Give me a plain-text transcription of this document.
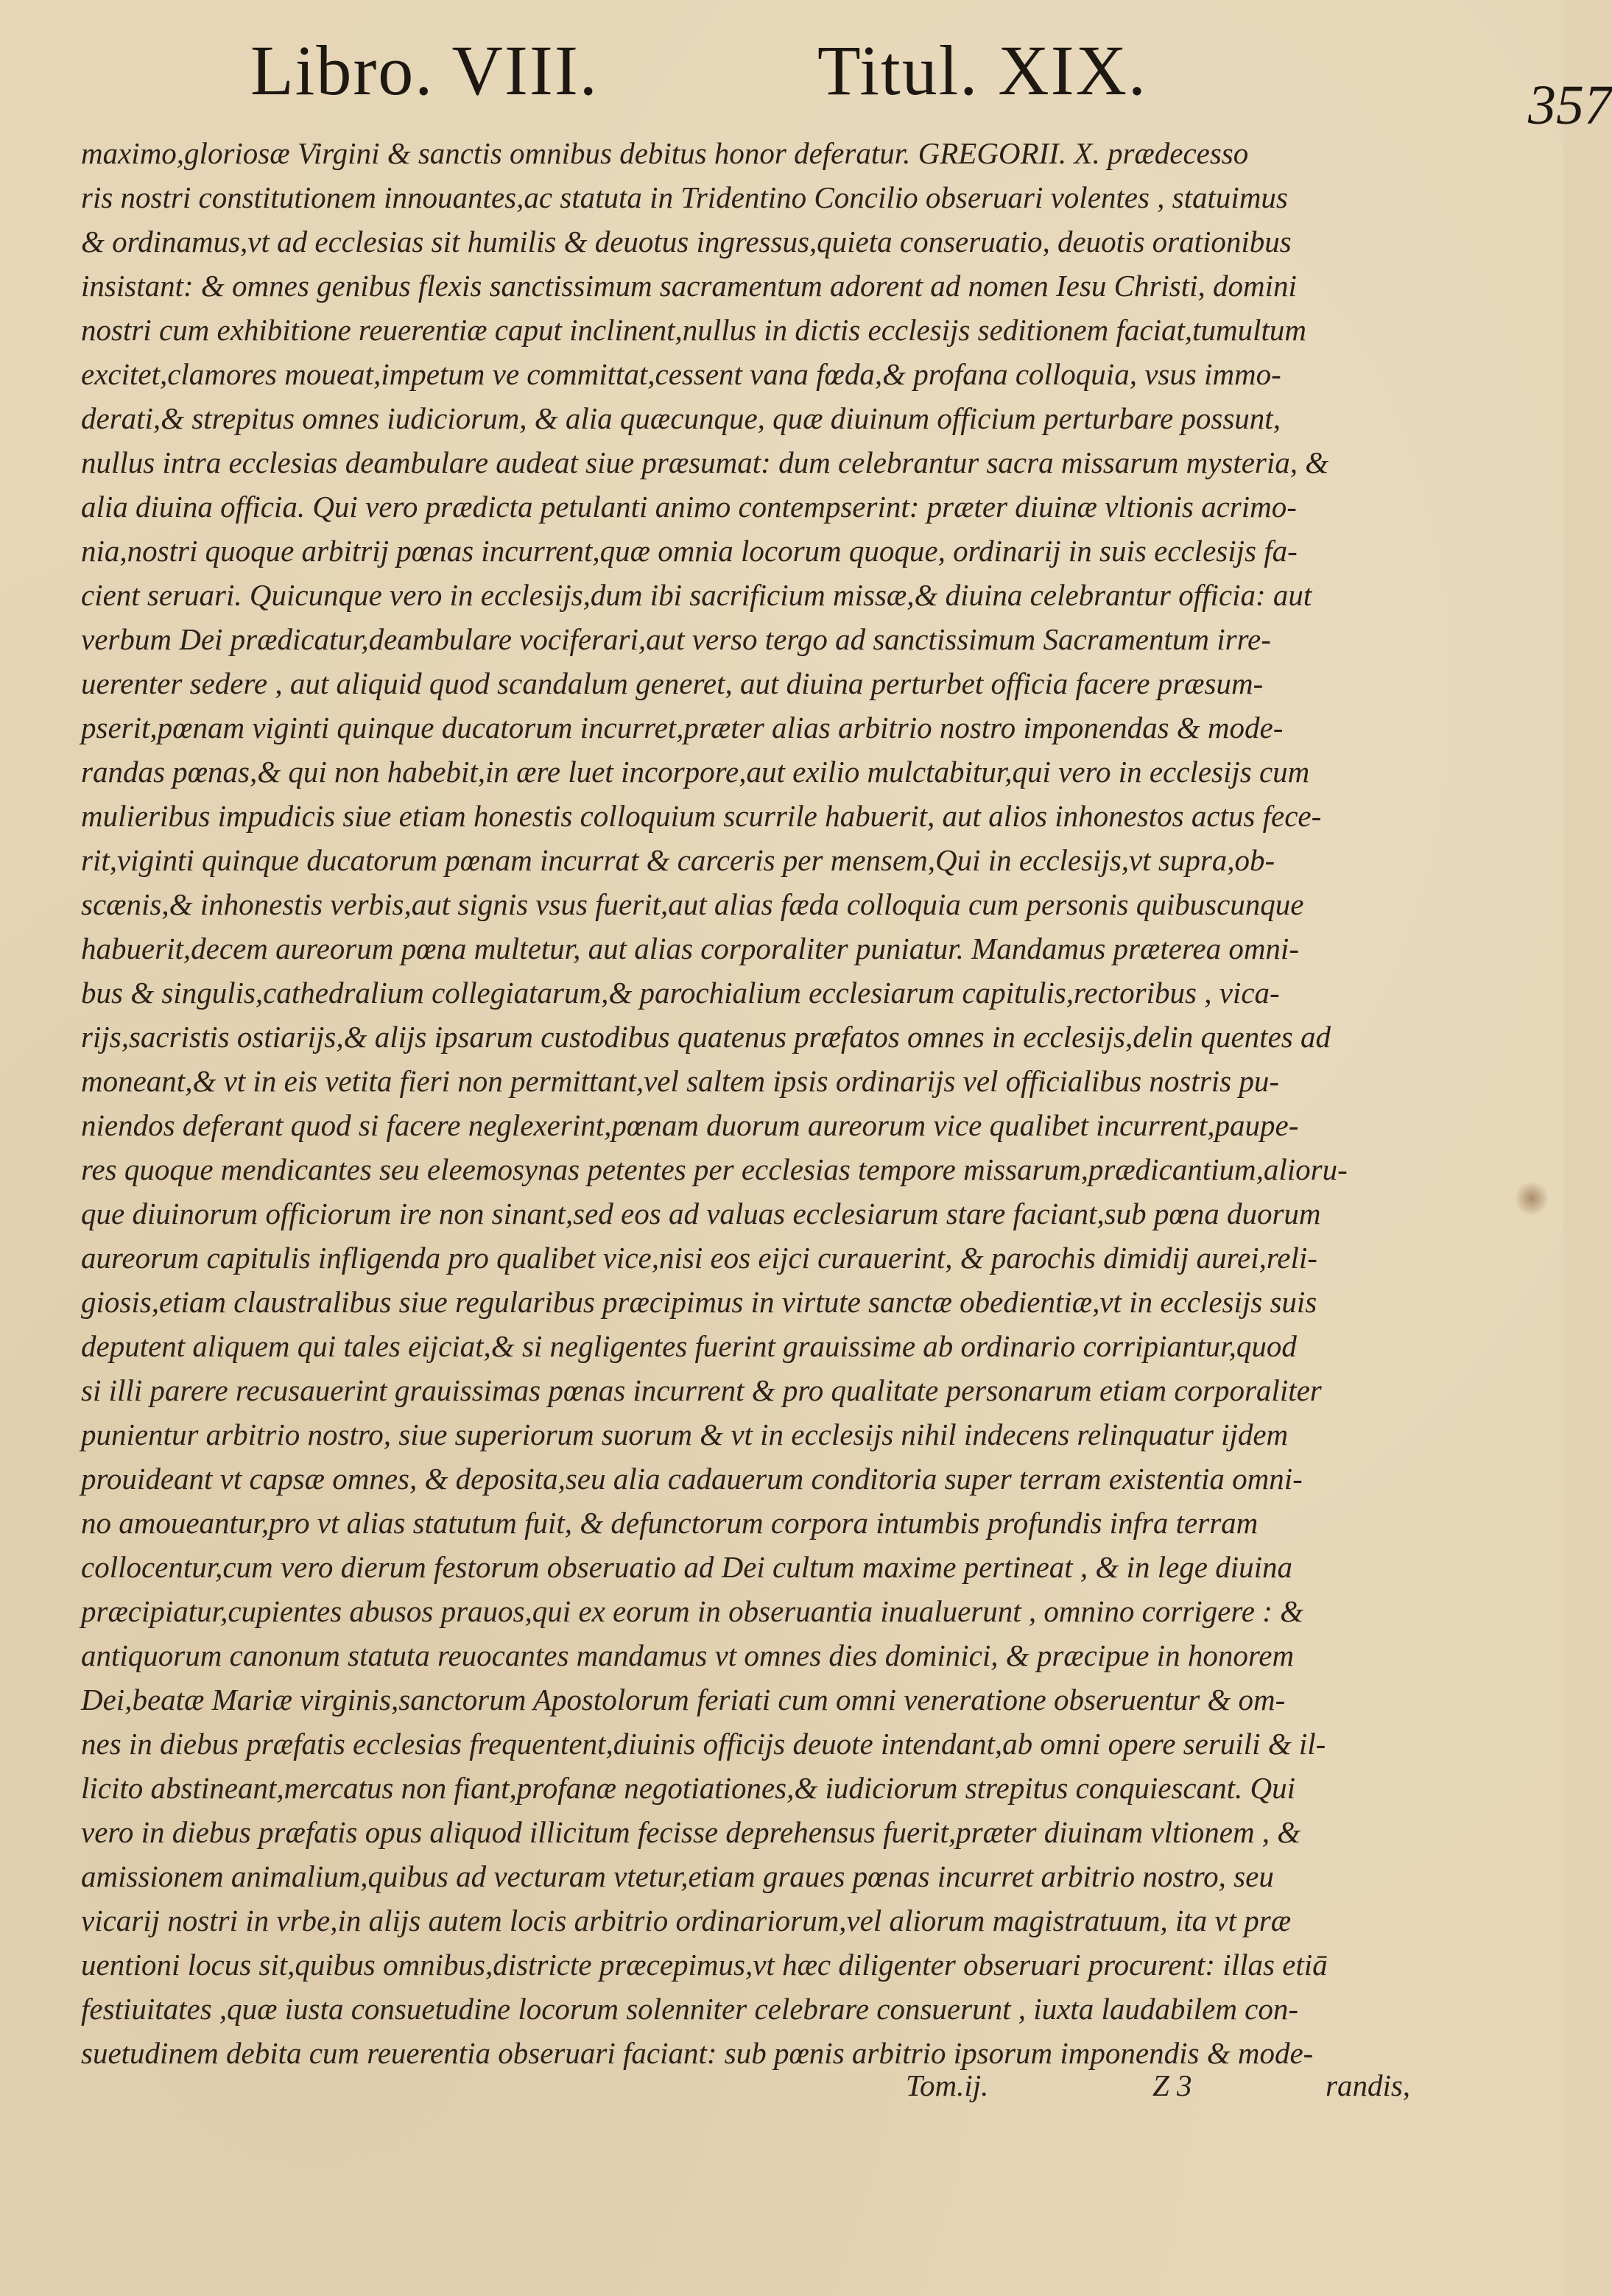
Libro. VIII.	Titul. XIX.	357
maximo,gloriosæ Virgini & sanctis omnibus debitus honor deferatur. GREGORII. X. prædecesso
ris nostri constitutionem innouantes,ac statuta in Tridentino Concilio obseruari volentes , statuimus
& ordinamus,vt ad ecclesias sit humilis & deuotus ingressus,quieta conseruatio, deuotis orationibus
insistant: & omnes genibus flexis sanctissimum sacramentum adorent ad nomen Iesu Christi, domini
nostri cum exhibitione reuerentiæ caput inclinent,nullus in dictis ecclesijs seditionem faciat,tumultum
excitet,clamores moueat,impetum ve committat,cessent vana fœda,& profana colloquia, vsus immo-
derati,& strepitus omnes iudiciorum, & alia quæcunque, quæ diuinum officium perturbare possunt,
nullus intra ecclesias deambulare audeat siue præsumat: dum celebrantur sacra missarum mysteria, &
alia diuina officia. Qui vero prædicta petulanti animo contempserint: præter diuinæ vltionis acrimo-
nia,nostri quoque arbitrij pœnas incurrent,quæ omnia locorum quoque, ordinarij in suis ecclesijs fa-
cient seruari. Quicunque vero in ecclesijs,dum ibi sacrificium missæ,& diuina celebrantur officia: aut
verbum Dei prædicatur,deambulare vociferari,aut verso tergo ad sanctissimum Sacramentum irre-
uerenter sedere , aut aliquid quod scandalum generet, aut diuina perturbet officia facere præsum-
pserit,pœnam viginti quinque ducatorum incurret,præter alias arbitrio nostro imponendas & mode-
randas pœnas,& qui non habebit,in ære luet incorpore,aut exilio mulctabitur,qui vero in ecclesijs cum
mulieribus impudicis siue etiam honestis colloquium scurrile habuerit, aut alios inhonestos actus fece-
rit,viginti quinque ducatorum pœnam incurrat & carceris per mensem,Qui in ecclesijs,vt supra,ob-
scænis,& inhonestis verbis,aut signis vsus fuerit,aut alias fæda colloquia cum personis quibuscunque
habuerit,decem aureorum pœna multetur, aut alias corporaliter puniatur. Mandamus præterea omni-
bus & singulis,cathedralium collegiatarum,& parochialium ecclesiarum capitulis,rectoribus , vica-
rijs,sacristis ostiarijs,& alijs ipsarum custodibus quatenus præfatos omnes in ecclesijs,delin quentes ad
moneant,& vt in eis vetita fieri non permittant,vel saltem ipsis ordinarijs vel officialibus nostris pu-
niendos deferant quod si facere neglexerint,pœnam duorum aureorum vice qualibet incurrent,paupe-
res quoque mendicantes seu eleemosynas petentes per ecclesias tempore missarum,prædicantium,alioru-
que diuinorum officiorum ire non sinant,sed eos ad valuas ecclesiarum stare faciant,sub pœna duorum
aureorum capitulis infligenda pro qualibet vice,nisi eos eijci curauerint, & parochis dimidij aurei,reli-
giosis,etiam claustralibus siue regularibus præcipimus in virtute sanctæ obedientiæ,vt in ecclesijs suis
deputent aliquem qui tales eijciat,& si negligentes fuerint grauissime ab ordinario corripiantur,quod
si illi parere recusauerint grauissimas pœnas incurrent & pro qualitate personarum etiam corporaliter
punientur arbitrio nostro, siue superiorum suorum & vt in ecclesijs nihil indecens relinquatur ijdem
prouideant vt capsæ omnes, & deposita,seu alia cadauerum conditoria super terram existentia omni-
no amoueantur,pro vt alias statutum fuit, & defunctorum corpora intumbis profundis infra terram
collocentur,cum vero dierum festorum obseruatio ad Dei cultum maxime pertineat , & in lege diuina
præcipiatur,cupientes abusos prauos,qui ex eorum in obseruantia inualuerunt , omnino corrigere : &
antiquorum canonum statuta reuocantes mandamus vt omnes dies dominici, & præcipue in honorem
Dei,beatæ Mariæ virginis,sanctorum Apostolorum feriati cum omni veneratione obseruentur & om-
nes in diebus præfatis ecclesias frequentent,diuinis officijs deuote intendant,ab omni opere seruili & il-
licito abstineant,mercatus non fiant,profanæ negotiationes,& iudiciorum strepitus conquiescant. Qui
vero in diebus præfatis opus aliquod illicitum fecisse deprehensus fuerit,præter diuinam vltionem , &
amissionem animalium,quibus ad vecturam vtetur,etiam graues pœnas incurret arbitrio nostro, seu
vicarij nostri in vrbe,in alijs autem locis arbitrio ordinariorum,vel aliorum magistratuum, ita vt præ
uentioni locus sit,quibus omnibus,districte præcepimus,vt hæc diligenter obseruari procurent: illas etiā
festiuitates ,quæ iusta consuetudine locorum solenniter celebrare consuerunt , iuxta laudabilem con-
suetudinem debita cum reuerentia obseruari faciant: sub pœnis arbitrio ipsorum imponendis & mode-
Tom.ij.	Z 3	randis,
